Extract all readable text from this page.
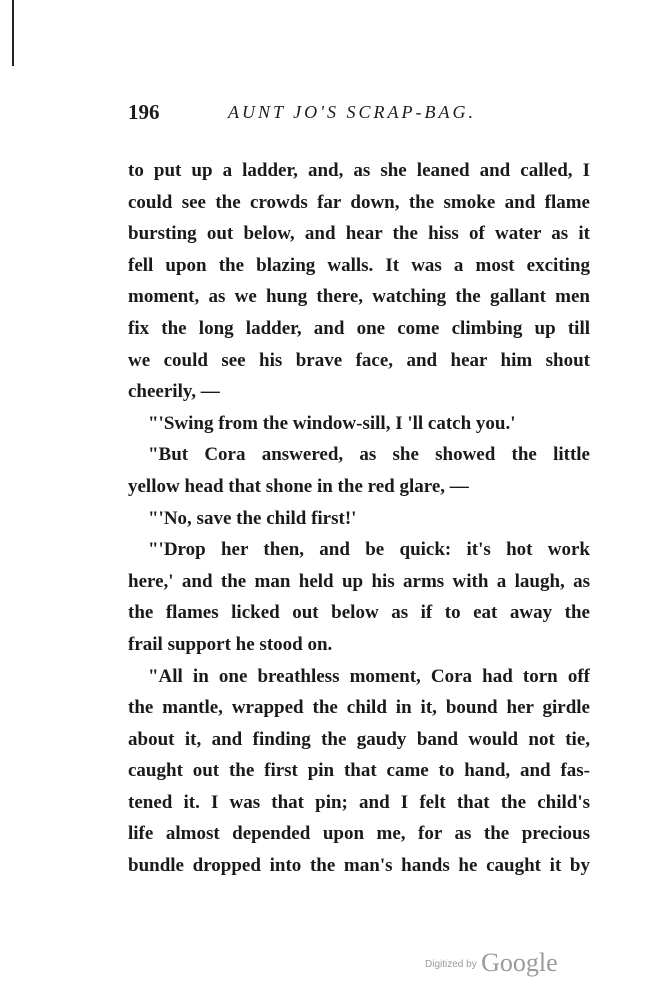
196	AUNT JO'S SCRAP-BAG.
to put up a ladder, and, as she leaned and called, I
could see the crowds far down, the smoke and flame
bursting out below, and hear the hiss of water as it
fell upon the blazing walls. It was a most exciting
moment, as we hung there, watching the gallant men
fix the long ladder, and one come climbing up till
we could see his brave face, and hear him shout
cheerily, —
"'Swing from the window-sill, I 'll catch you.'
"But Cora answered, as she showed the little
yellow head that shone in the red glare, —
"'No, save the child first!'
"'Drop her then, and be quick: it's hot work
here,' and the man held up his arms with a laugh, as
the flames licked out below as if to eat away the
frail support he stood on.
"All in one breathless moment, Cora had torn off
the mantle, wrapped the child in it, bound her girdle
about it, and finding the gaudy band would not tie,
caught out the first pin that came to hand, and fas-
tened it. I was that pin; and I felt that the child's
life almost depended upon me, for as the precious
bundle dropped into the man's hands he caught it by
$^{Digitized by}$ Google
